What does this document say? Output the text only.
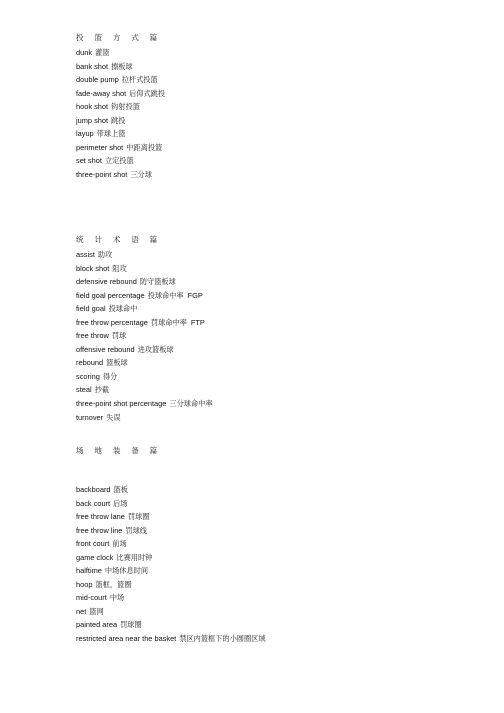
投 篮 方 式 篇
dunk 灌篮
bank shot 擦板球
double pump 拉杆式投篮
fade-away shot 后仰式跳投
hook shot 钩射投篮
jump shot 跳投
layup 带球上篮
perimeter shot 中距离投篮
set shot 立定投篮
three-point shot 三分球
统 计 术 语 篇
assist 助攻
block shot 阻攻
defensive rebound 防守篮板球
field goal percentage 投球命中率 FGP
field goal 投球命中
free throw percentage 罚球命中率 FTP
free throw 罚球
offensive rebound 进攻篮板球
rebound 篮板球
scoring 得分
steal 抄截
three-point shot percentage 三分球命中率
turnover 失误
场 地 装 备 篇
backboard 篮板
back court 后场
free throw lane 罚球圈
free throw line 罚球线
front court 前场
game clock 比赛用时钟
halftime 中场休息时间
hoop 篮框，篮圈
mid-court 中场
net 篮网
painted area 罚球圈
restricted area near the basket 禁区内篮框下的小圆圈区域
